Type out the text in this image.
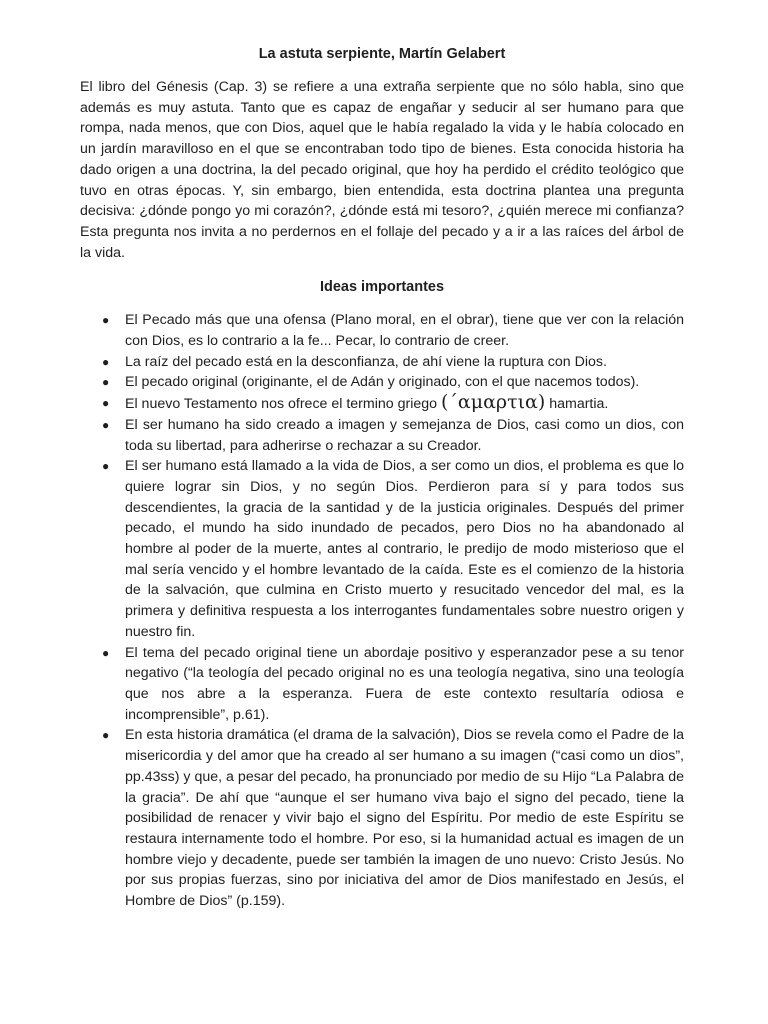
La astuta serpiente, Martín Gelabert

El libro del Génesis (Cap. 3) se refiere a una extraña serpiente que no sólo habla, sino que además es muy astuta. Tanto que es capaz de engañar y seducir al ser humano para que rompa, nada menos, que con Dios, aquel que le había regalado la vida y le había colocado en un jardín maravilloso en el que se encontraban todo tipo de bienes. Esta conocida historia ha dado origen a una doctrina, la del pecado original, que hoy ha perdido el crédito teológico que tuvo en otras épocas. Y, sin embargo, bien entendida, esta doctrina plantea una pregunta decisiva: ¿dónde pongo yo mi corazón?, ¿dónde está mi tesoro?, ¿quién merece mi confianza? Esta pregunta nos invita a no perdernos en el follaje del pecado y a ir a las raíces del árbol de la vida.

Ideas importantes
● El Pecado más que una ofensa (Plano moral, en el obrar), tiene que ver con la relación con Dios, es lo contrario a la fe... Pecar, lo contrario de creer.
● La raíz del pecado está en la desconfianza, de ahí viene la ruptura con Dios.
● El pecado original (originante, el de Adán y originado, con el que nacemos todos).
● El nuevo Testamento nos ofrece el termino griego (΄αμαρτια) hamartia.
● El ser humano ha sido creado a imagen y semejanza de Dios, casi como un dios, con toda su libertad, para adherirse o rechazar a su Creador.
● El ser humano está llamado a la vida de Dios, a ser como un dios, el problema es que lo quiere lograr sin Dios, y no según Dios. Perdieron para sí y para todos sus descendientes, la gracia de la santidad y de la justicia originales. Después del primer pecado, el mundo ha sido inundado de pecados, pero Dios no ha abandonado al hombre al poder de la muerte, antes al contrario, le predijo de modo misterioso que el mal sería vencido y el hombre levantado de la caída. Este es el comienzo de la historia de la salvación, que culmina en Cristo muerto y resucitado vencedor del mal, es la primera y definitiva respuesta a los interrogantes fundamentales sobre nuestro origen y nuestro fin.
● El tema del pecado original tiene un abordaje positivo y esperanzador pese a su tenor negativo (“la teología del pecado original no es una teología negativa, sino una teología que nos abre a la esperanza. Fuera de este contexto resultaría odiosa e incomprensible”, p.61).
● En esta historia dramática (el drama de la salvación), Dios se revela como el Padre de la misericordia y del amor que ha creado al ser humano a su imagen (“casi como un dios”, pp.43ss) y que, a pesar del pecado, ha pronunciado por medio de su Hijo “La Palabra de la gracia”. De ahí que “aunque el ser humano viva bajo el signo del pecado, tiene la posibilidad de renacer y vivir bajo el signo del Espíritu. Por medio de este Espíritu se restaura internamente todo el hombre. Por eso, si la humanidad actual es imagen de un hombre viejo y decadente, puede ser también la imagen de uno nuevo: Cristo Jesús. No por sus propias fuerzas, sino por iniciativa del amor de Dios manifestado en Jesús, el Hombre de Dios” (p.159).
